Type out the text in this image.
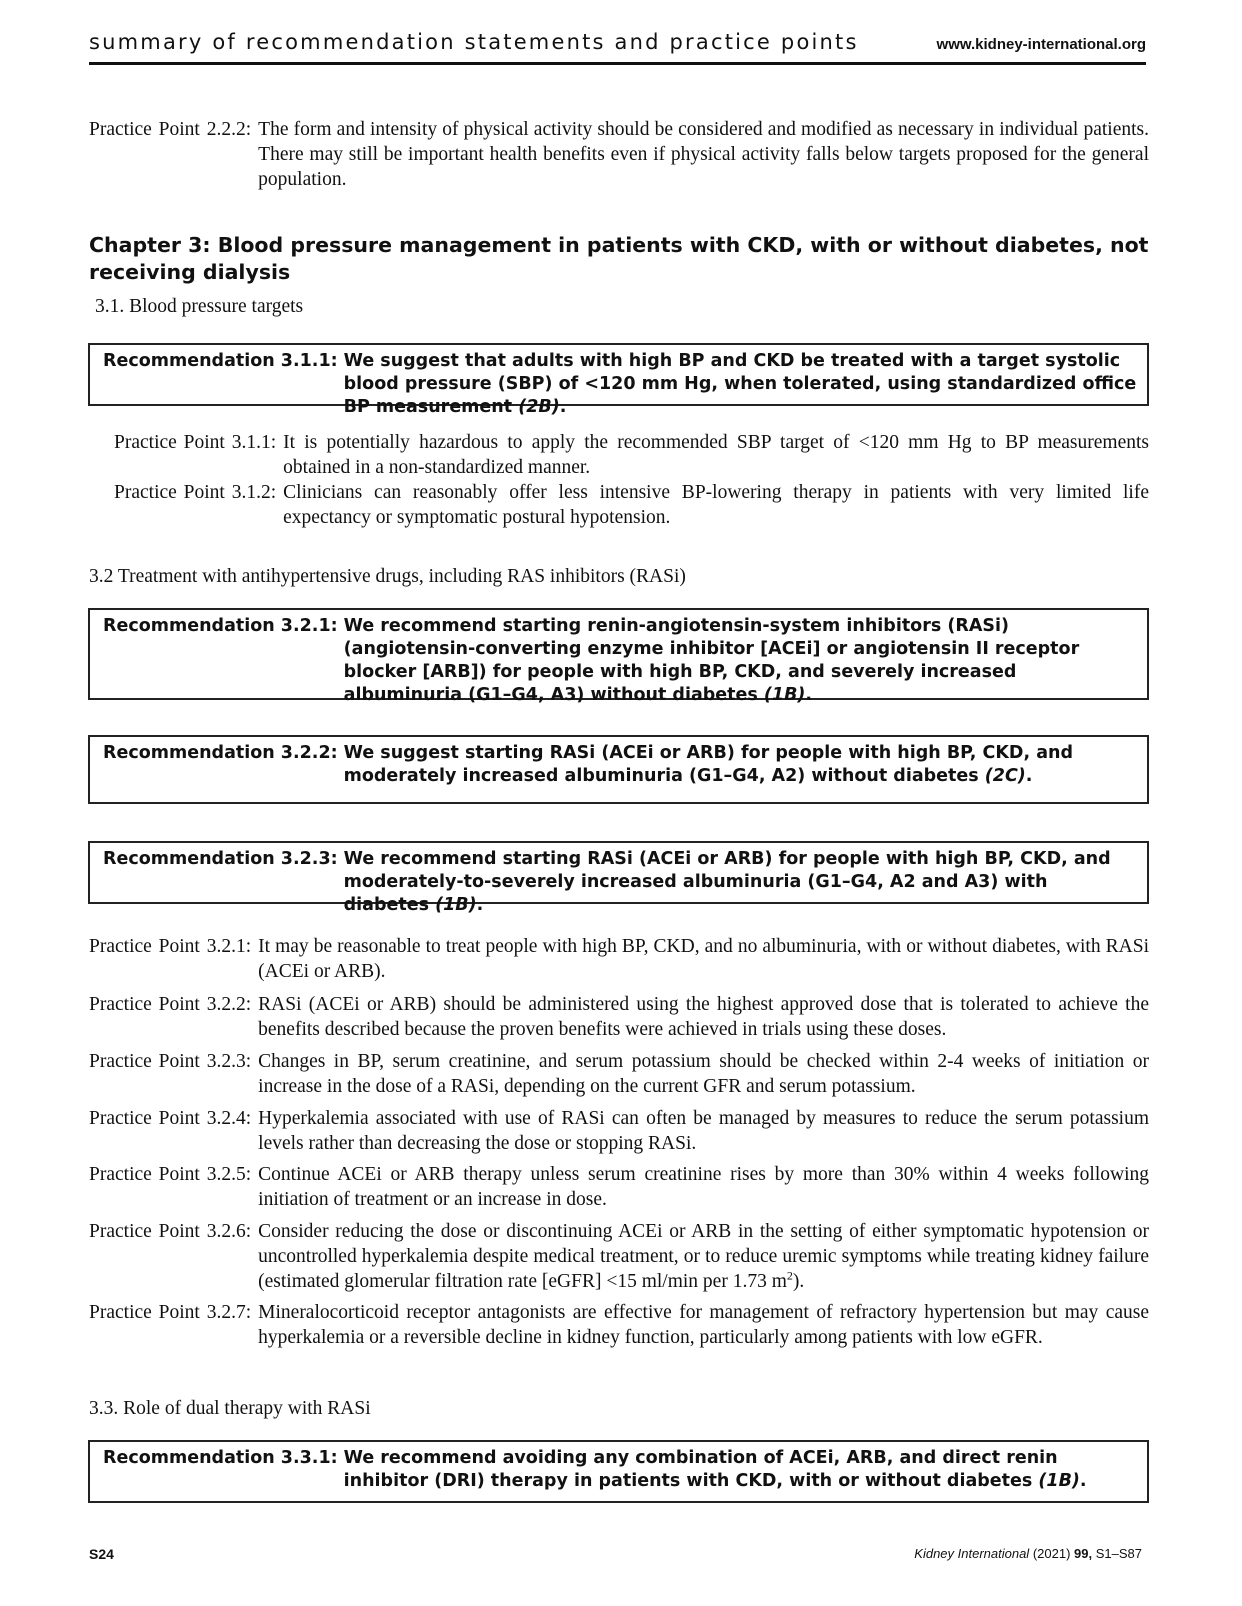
summary of recommendation statements and practice points	www.kidney-international.org
Practice Point 2.2.2: The form and intensity of physical activity should be considered and modified as necessary in individual patients. There may still be important health benefits even if physical activity falls below targets proposed for the general population.
Chapter 3: Blood pressure management in patients with CKD, with or without diabetes, not receiving dialysis
3.1. Blood pressure targets
Recommendation 3.1.1: We suggest that adults with high BP and CKD be treated with a target systolic blood pressure (SBP) of <120 mm Hg, when tolerated, using standardized office BP measurement (2B).
Practice Point 3.1.1: It is potentially hazardous to apply the recommended SBP target of <120 mm Hg to BP measurements obtained in a non-standardized manner.
Practice Point 3.1.2: Clinicians can reasonably offer less intensive BP-lowering therapy in patients with very limited life expectancy or symptomatic postural hypotension.
3.2 Treatment with antihypertensive drugs, including RAS inhibitors (RASi)
Recommendation 3.2.1: We recommend starting renin-angiotensin-system inhibitors (RASi) (angiotensin-converting enzyme inhibitor [ACEi] or angiotensin II receptor blocker [ARB]) for people with high BP, CKD, and severely increased albuminuria (G1–G4, A3) without diabetes (1B).
Recommendation 3.2.2: We suggest starting RASi (ACEi or ARB) for people with high BP, CKD, and moderately increased albuminuria (G1–G4, A2) without diabetes (2C).
Recommendation 3.2.3: We recommend starting RASi (ACEi or ARB) for people with high BP, CKD, and moderately-to-severely increased albuminuria (G1–G4, A2 and A3) with diabetes (1B).
Practice Point 3.2.1: It may be reasonable to treat people with high BP, CKD, and no albuminuria, with or without diabetes, with RASi (ACEi or ARB).
Practice Point 3.2.2: RASi (ACEi or ARB) should be administered using the highest approved dose that is tolerated to achieve the benefits described because the proven benefits were achieved in trials using these doses.
Practice Point 3.2.3: Changes in BP, serum creatinine, and serum potassium should be checked within 2-4 weeks of initiation or increase in the dose of a RASi, depending on the current GFR and serum potassium.
Practice Point 3.2.4: Hyperkalemia associated with use of RASi can often be managed by measures to reduce the serum potassium levels rather than decreasing the dose or stopping RASi.
Practice Point 3.2.5: Continue ACEi or ARB therapy unless serum creatinine rises by more than 30% within 4 weeks following initiation of treatment or an increase in dose.
Practice Point 3.2.6: Consider reducing the dose or discontinuing ACEi or ARB in the setting of either symptomatic hypotension or uncontrolled hyperkalemia despite medical treatment, or to reduce uremic symptoms while treating kidney failure (estimated glomerular filtration rate [eGFR] <15 ml/min per 1.73 $m^2$).
Practice Point 3.2.7: Mineralocorticoid receptor antagonists are effective for management of refractory hypertension but may cause hyperkalemia or a reversible decline in kidney function, particularly among patients with low eGFR.
3.3. Role of dual therapy with RASi
Recommendation 3.3.1: We recommend avoiding any combination of ACEi, ARB, and direct renin inhibitor (DRI) therapy in patients with CKD, with or without diabetes (1B).
S24	Kidney International (2021) 99, S1–S87
